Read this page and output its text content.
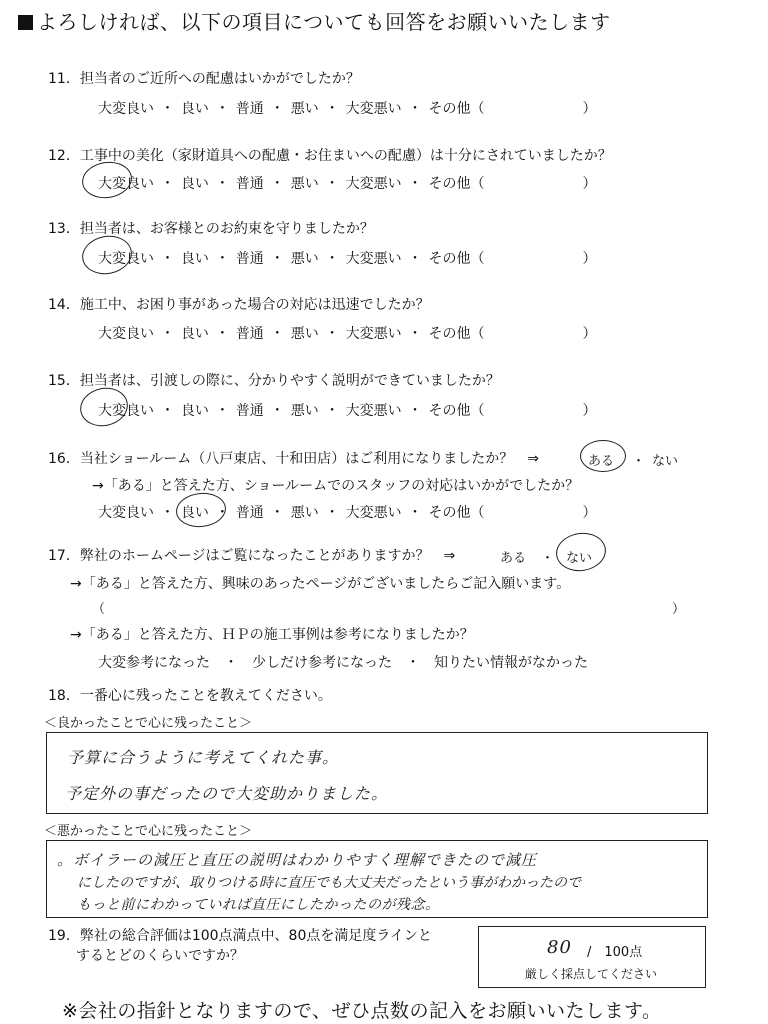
よろしければ、以下の項目についても回答をお願いいたします
11．担当者のご近所への配慮はいかがでしたか？
大変良い ・ 良い ・ 普通 ・ 悪い ・ 大変悪い ・ その他（　　　　　　　）
12．工事中の美化（家財道具への配慮・お住まいへの配慮）は十分にされていましたか？
大変良い ・ 良い ・ 普通 ・ 悪い ・ 大変悪い ・ その他（　　　　　　　）
13．担当者は、お客様とのお約束を守りましたか？
大変良い ・ 良い ・ 普通 ・ 悪い ・ 大変悪い ・ その他（　　　　　　　）
14．施工中、お困り事があった場合の対応は迅速でしたか？
大変良い ・ 良い ・ 普通 ・ 悪い ・ 大変悪い ・ その他（　　　　　　　）
15．担当者は、引渡しの際に、分かりやすく説明ができていましたか？
大変良い ・ 良い ・ 普通 ・ 悪い ・ 大変悪い ・ その他（　　　　　　　）
16．当社ショールーム（八戸東店、十和田店）はご利用になりましたか？　⇒	ある ・ ない
→「ある」と答えた方、ショールームでのスタッフの対応はいかがでしたか？
大変良い ・ 良い ・ 普通 ・ 悪い ・ 大変悪い ・ その他（　　　　　　　）
17．弊社のホームページはご覧になったことがありますか？　⇒	ある ・ ない
→「ある」と答えた方、興味のあったページがございましたらご記入願います。
（	）
→「ある」と答えた方、ＨＰの施工事例は参考になりましたか？
大変参考になった　・　少しだけ参考になった　・　知りたい情報がなかった
18．一番心に残ったことを教えてください。
＜良かったことで心に残ったこと＞
予算に合うように考えてくれた事。
予定外の事だったので大変助かりました。
＜悪かったことで心に残ったこと＞
。ボイラーの減圧と直圧の説明はわかりやすく理解できたので減圧
にしたのですが、取りつける時に直圧でも大丈夫だったという事がわかったので
もっと前にわかっていれば直圧にしたかったのが残念。
19．弊社の総合評価は100点満点中、80点を満足度ラインと
するとどのくらいですか？	80 /　100点
厳しく採点してください
※会社の指針となりますので、ぜひ点数の記入をお願いいたします。
